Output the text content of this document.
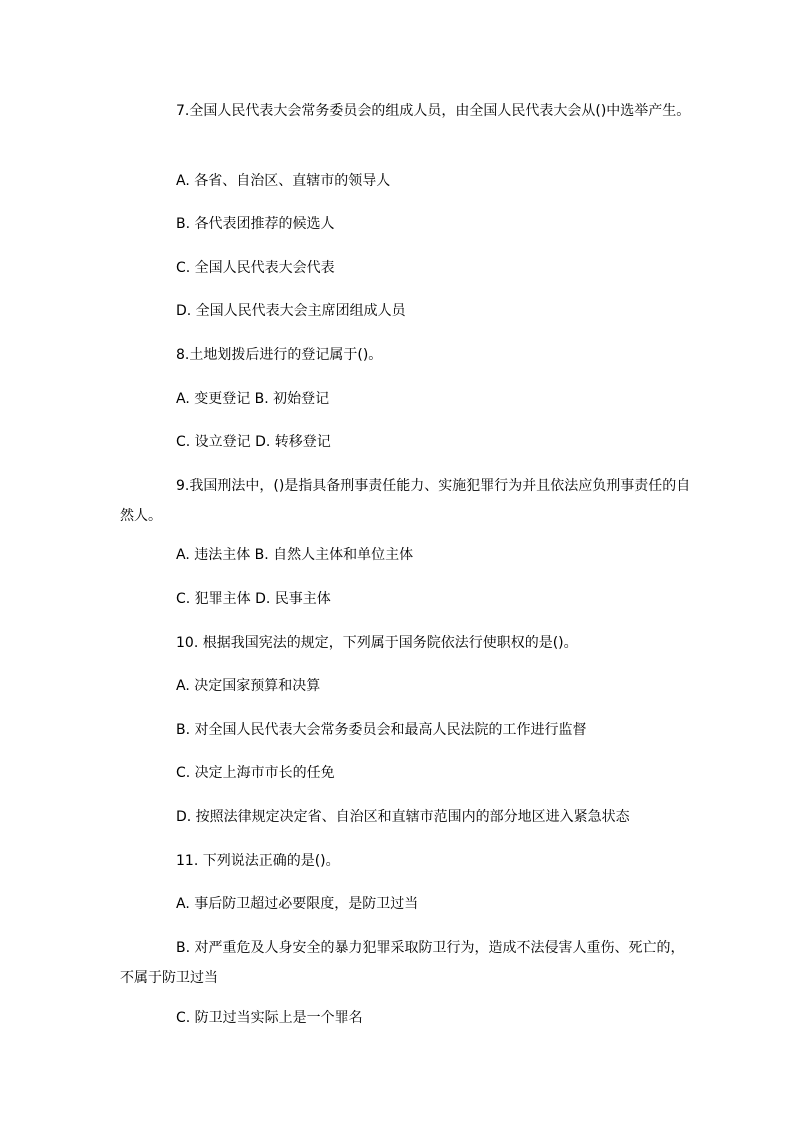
7.全国人民代表大会常务委员会的组成人员，由全国人民代表大会从()中选举产生。
A. 各省、自治区、直辖市的领导人
B. 各代表团推荐的候选人
C. 全国人民代表大会代表
D. 全国人民代表大会主席团组成人员
8.土地划拨后进行的登记属于()。
A. 变更登记 B. 初始登记
C. 设立登记 D. 转移登记
9.我国刑法中，()是指具备刑事责任能力、实施犯罪行为并且依法应负刑事责任的自然人。
A. 违法主体 B. 自然人主体和单位主体
C. 犯罪主体 D. 民事主体
10. 根据我国宪法的规定，下列属于国务院依法行使职权的是()。
A. 决定国家预算和决算
B. 对全国人民代表大会常务委员会和最高人民法院的工作进行监督
C. 决定上海市市长的任免
D. 按照法律规定决定省、自治区和直辖市范围内的部分地区进入紧急状态
11. 下列说法正确的是()。
A. 事后防卫超过必要限度，是防卫过当
B. 对严重危及人身安全的暴力犯罪采取防卫行为，造成不法侵害人重伤、死亡的，不属于防卫过当
C. 防卫过当实际上是一个罪名
